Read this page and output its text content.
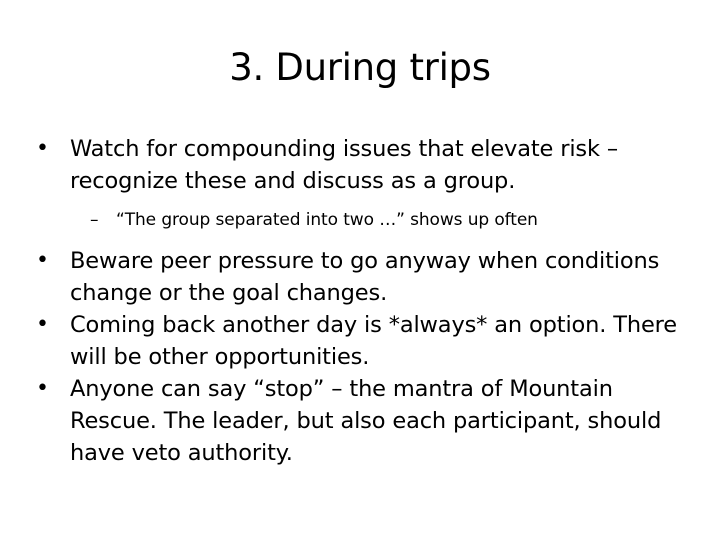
3. During trips
• Watch for compounding issues that elevate risk – recognize these and discuss as a group.
– “The group separated into two …” shows up often
• Beware peer pressure to go anyway when conditions change or the goal changes.
• Coming back another day is *always* an option. There will be other opportunities.
• Anyone can say “stop” – the mantra of Mountain Rescue. The leader, but also each participant, should have veto authority.
